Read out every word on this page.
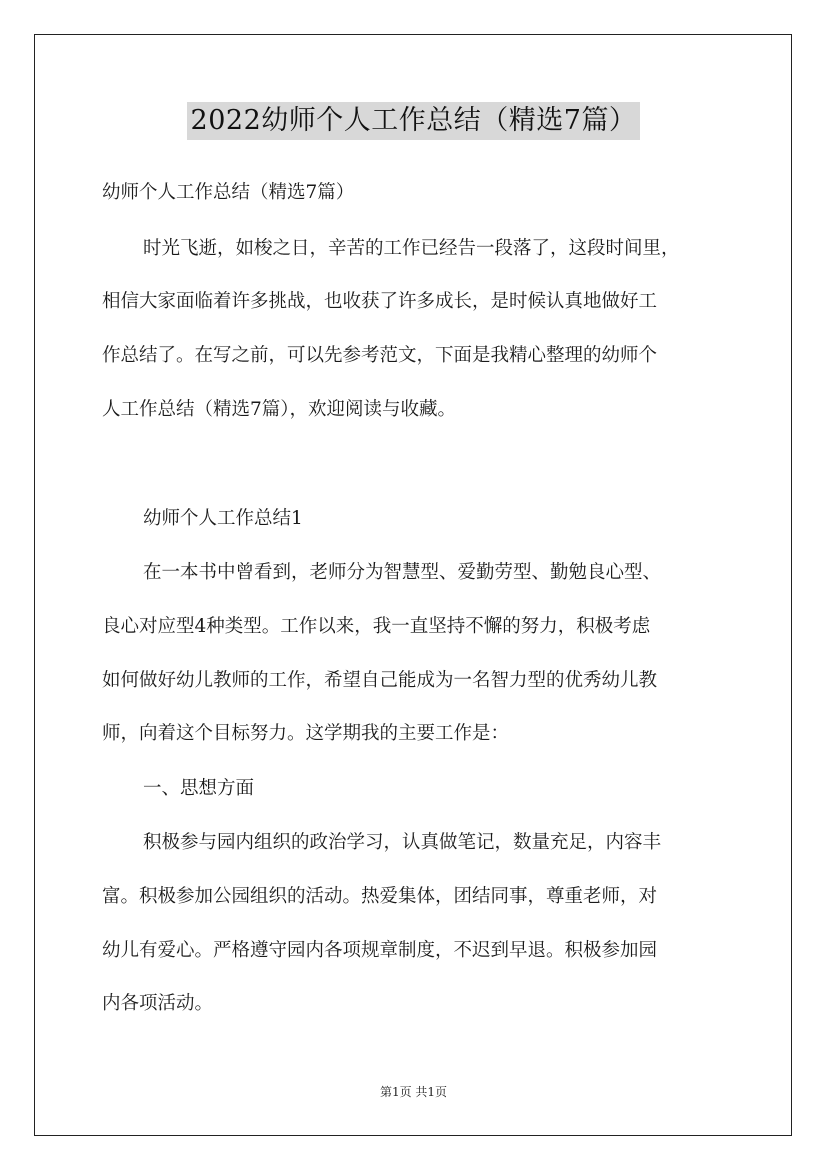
2022幼师个人工作总结（精选7篇）
幼师个人工作总结（精选7篇）
时光飞逝，如梭之日，辛苦的工作已经告一段落了，这段时间里，
相信大家面临着许多挑战，也收获了许多成长，是时候认真地做好工
作总结了。在写之前，可以先参考范文，下面是我精心整理的幼师个
人工作总结（精选7篇），欢迎阅读与收藏。
幼师个人工作总结1
在一本书中曾看到，老师分为智慧型、爱勤劳型、勤勉良心型、
良心对应型4种类型。工作以来，我一直坚持不懈的努力，积极考虑
如何做好幼儿教师的工作，希望自己能成为一名智力型的优秀幼儿教
师，向着这个目标努力。这学期我的主要工作是：
一、思想方面
积极参与园内组织的政治学习，认真做笔记，数量充足，内容丰
富。积极参加公园组织的活动。热爱集体，团结同事，尊重老师，对
幼儿有爱心。严格遵守园内各项规章制度，不迟到早退。积极参加园
内各项活动。
第1页 共1页
